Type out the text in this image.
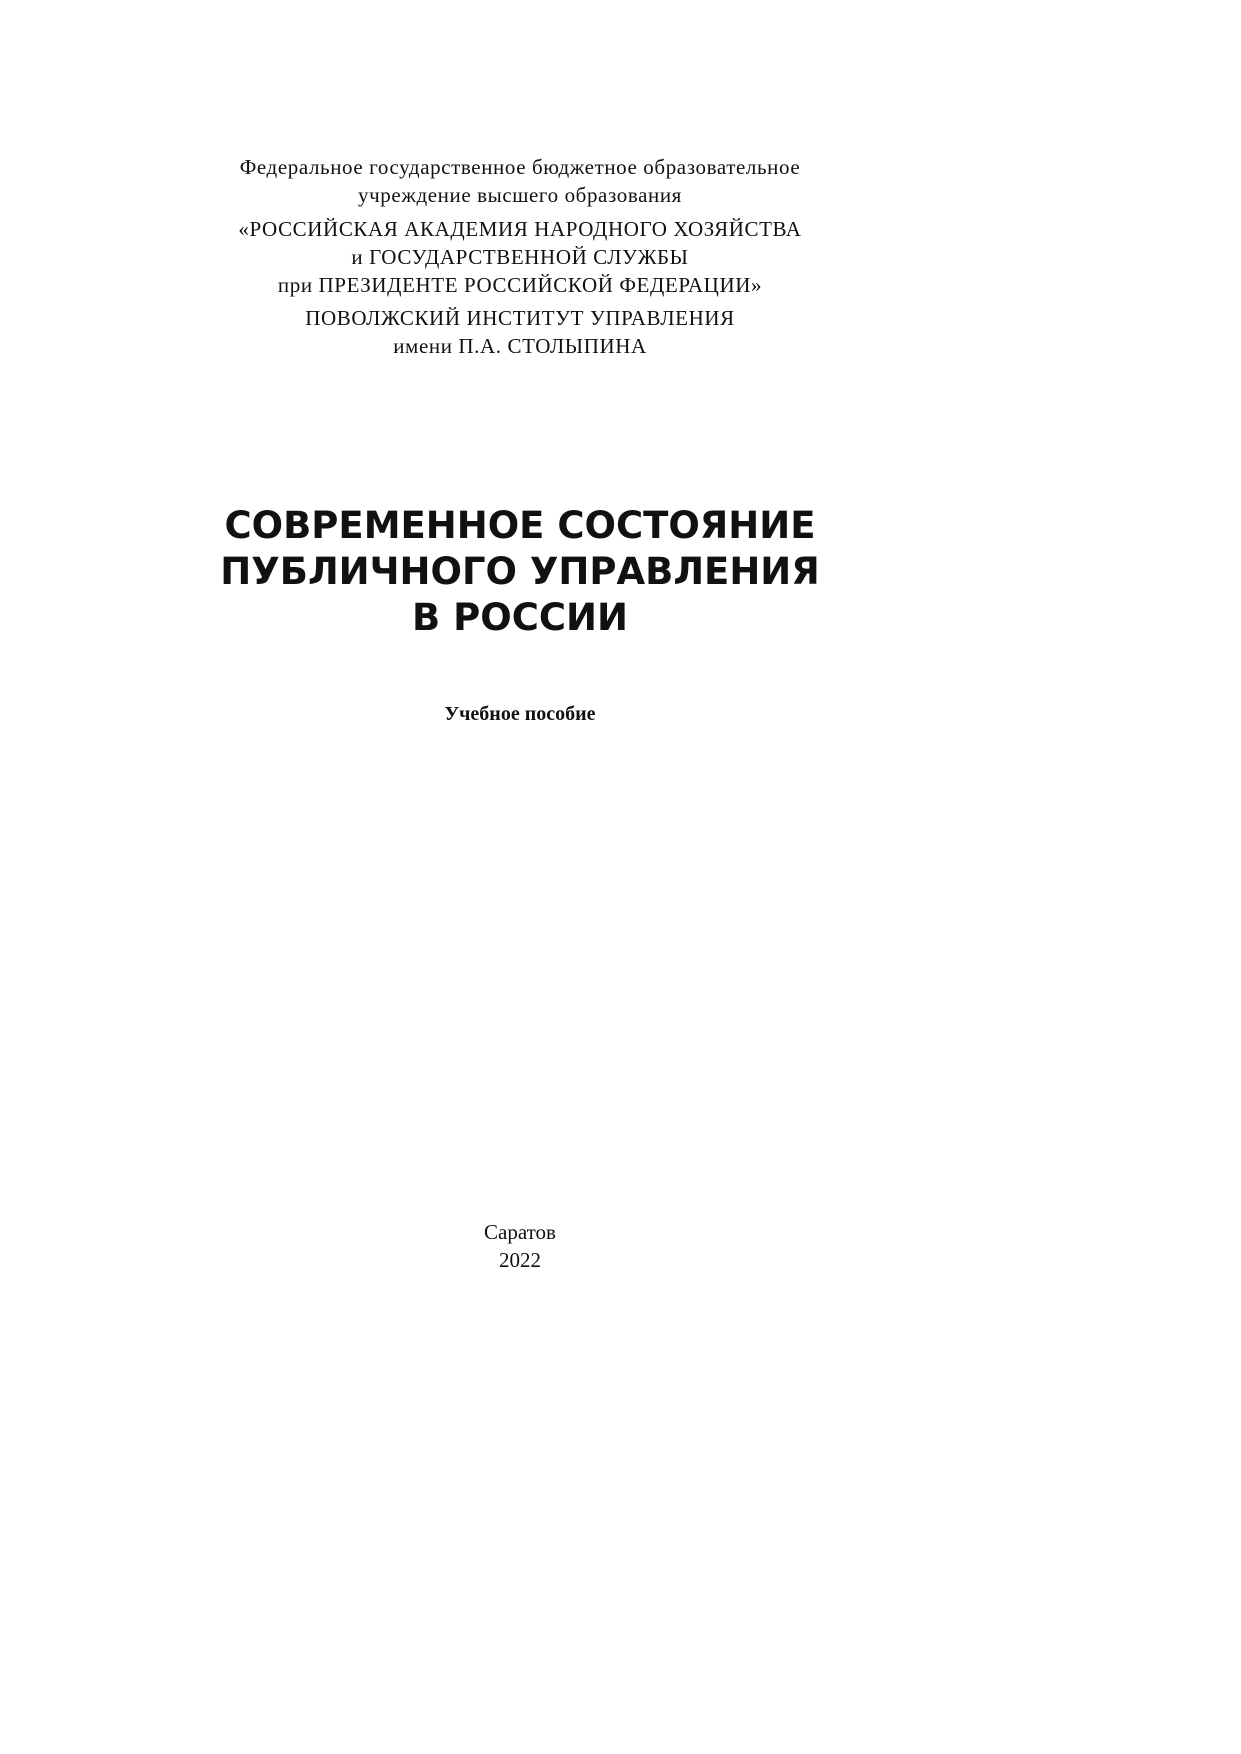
Федеральное государственное бюджетное образовательное
учреждение высшего образования
«РОССИЙСКАЯ АКАДЕМИЯ НАРОДНОГО ХОЗЯЙСТВА
и ГОСУДАРСТВЕННОЙ СЛУЖБЫ
при ПРЕЗИДЕНТЕ РОССИЙСКОЙ ФЕДЕРАЦИИ»
ПОВОЛЖСКИЙ ИНСТИТУТ УПРАВЛЕНИЯ
имени П.А. СТОЛЫПИНА
СОВРЕМЕННОЕ СОСТОЯНИЕ
ПУБЛИЧНОГО УПРАВЛЕНИЯ
В РОССИИ
Учебное пособие
Саратов
2022
